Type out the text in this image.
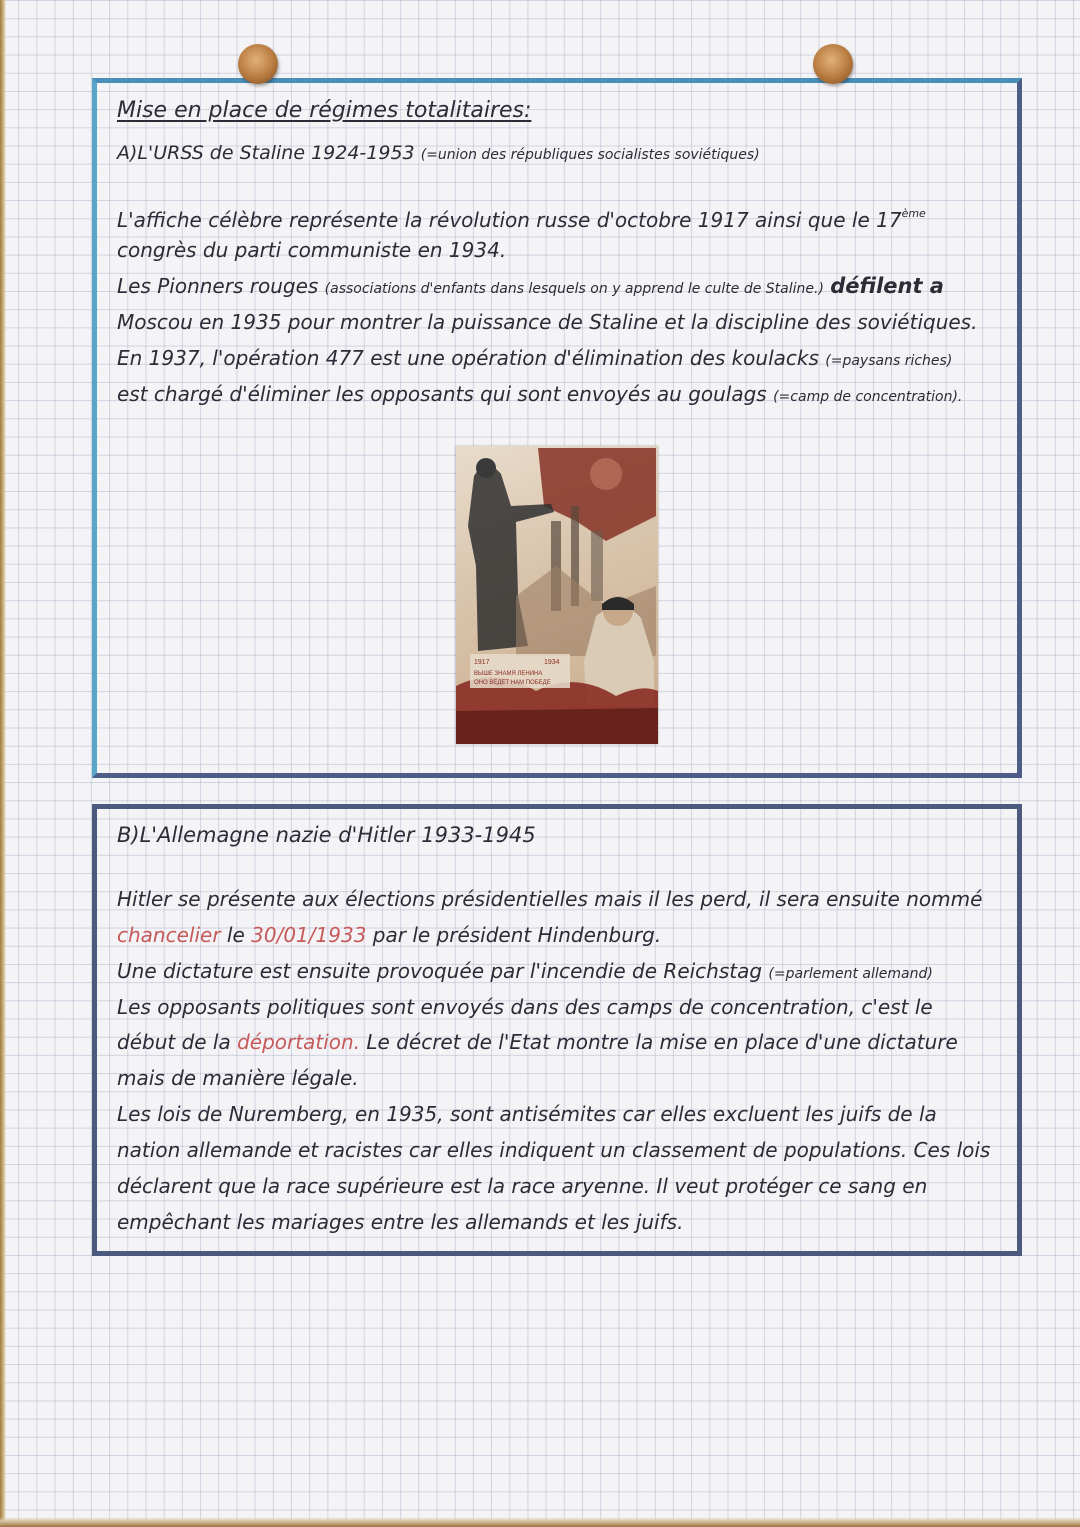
Mise en place de régimes totalitaires:

A)L'URSS de Staline 1924-1953 (=union des républiques socialistes soviétiques)

L'affiche célèbre représente la révolution russe d'octobre 1917 ainsi que le 17ème

congrès du parti communiste en 1934.

Les Pionners rouges (associations d'enfants dans lesquels on y apprend le culte de Staline.) défilent a

Moscou en 1935 pour montrer la puissance de Staline et la discipline des soviétiques.

En 1937, l'opération 477 est une opération d'élimination des koulacks (=paysans riches)

est chargé d'éliminer les opposants qui sont envoyés au goulags (=camp de concentration).

1917	1934
ВЫШЕ ЗНАМЯ ЛЕНИНА
ОНО ВЕДЕТ НАМ ПОБЕДЕ

B)L'Allemagne nazie d'Hitler 1933-1945

Hitler se présente aux élections présidentielles mais il les perd, il sera ensuite nommé

chancelier le 30/01/1933 par le président Hindenburg.

Une dictature est ensuite provoquée par l'incendie de Reichstag (=parlement allemand)

Les opposants politiques sont envoyés dans des camps de concentration, c'est le

début de la déportation. Le décret de l'Etat montre la mise en place d'une dictature

mais de manière légale.

Les lois de Nuremberg, en 1935, sont antisémites car elles excluent les juifs de la

nation allemande et racistes car elles indiquent un classement de populations. Ces lois

déclarent que la race supérieure est la race aryenne. Il veut protéger ce sang en

empêchant les mariages entre les allemands et les juifs.
